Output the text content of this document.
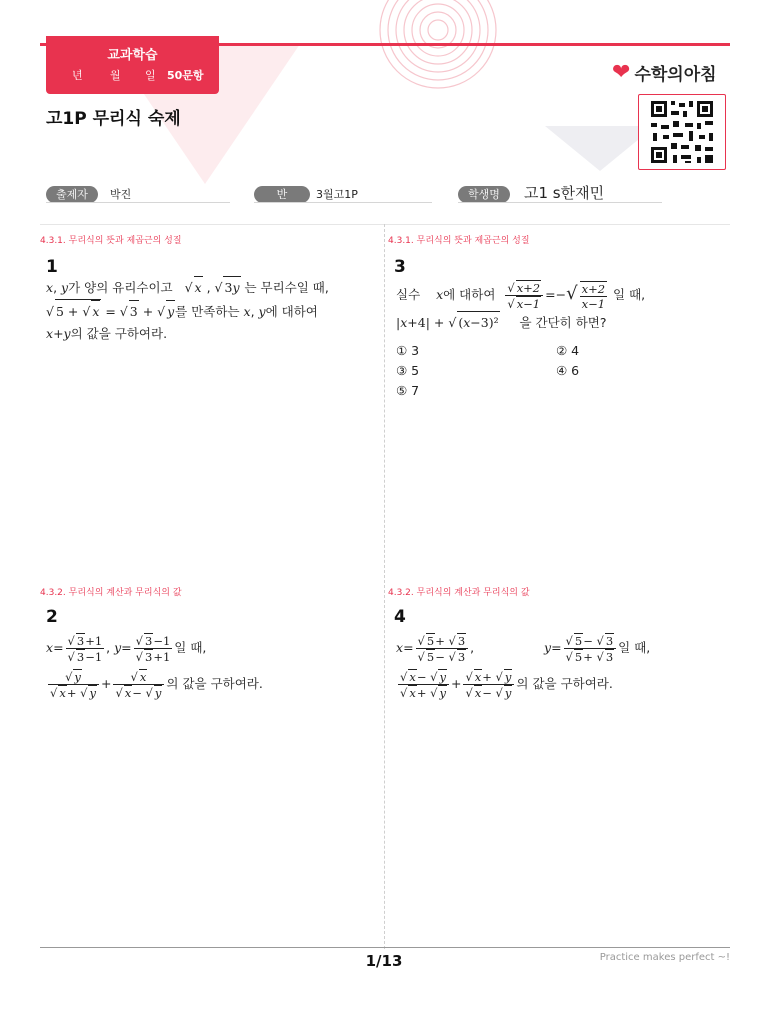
교과학습
년 월 일 50문항	❤ 수학의아침
고1P 무리식 숙제
출제자	박진	반	3월고1P	학생명	고1 s한재민
4.3.1. 무리식의 뜻과 제곱근의 성질
1
x, y가 양의 유리수이고 √ x , √ 3y 는 무리수일 때,
√ 5 + √ x = √ 3 + √ y를 만족하는 x, y에 대하여
x+y의 값을 구하여라.
4.3.1. 무리식의 뜻과 제곱근의 성질
3
실수 x에 대하여 $\frac{√ x+2}{√ x-1}$ =−√ $\frac{x+2}{x-1}$ 일 때,
|x+4| + √ (x−3)² 을 간단히 하면?
① 3	② 4
③ 5	④ 6
⑤ 7
4.3.2. 무리식의 계산과 무리식의 값
2
$x= \frac{√ 3+1}{√ 3-1}$ , $y= \frac{√ 3-1}{√ 3+1}$ 일 때,
$\frac{√ y}{√ x+ √ y} + \frac{√ x}{√ x- √ y}$ 의 값을 구하여라.
4.3.2. 무리식의 계산과 무리식의 값
4
$x= \frac{√ 5+ √ 3}{√ 5- √ 3}$ ,	$y= \frac{√ 5- √ 3}{√ 5+ √ 3}$ 일 때,
$\frac{√ x- √ y}{√ x+ √ y} + \frac{√ x+ √ y}{√ x- √ y}$ 의 값을 구하여라.
1/13	Practice makes perfect ~!
